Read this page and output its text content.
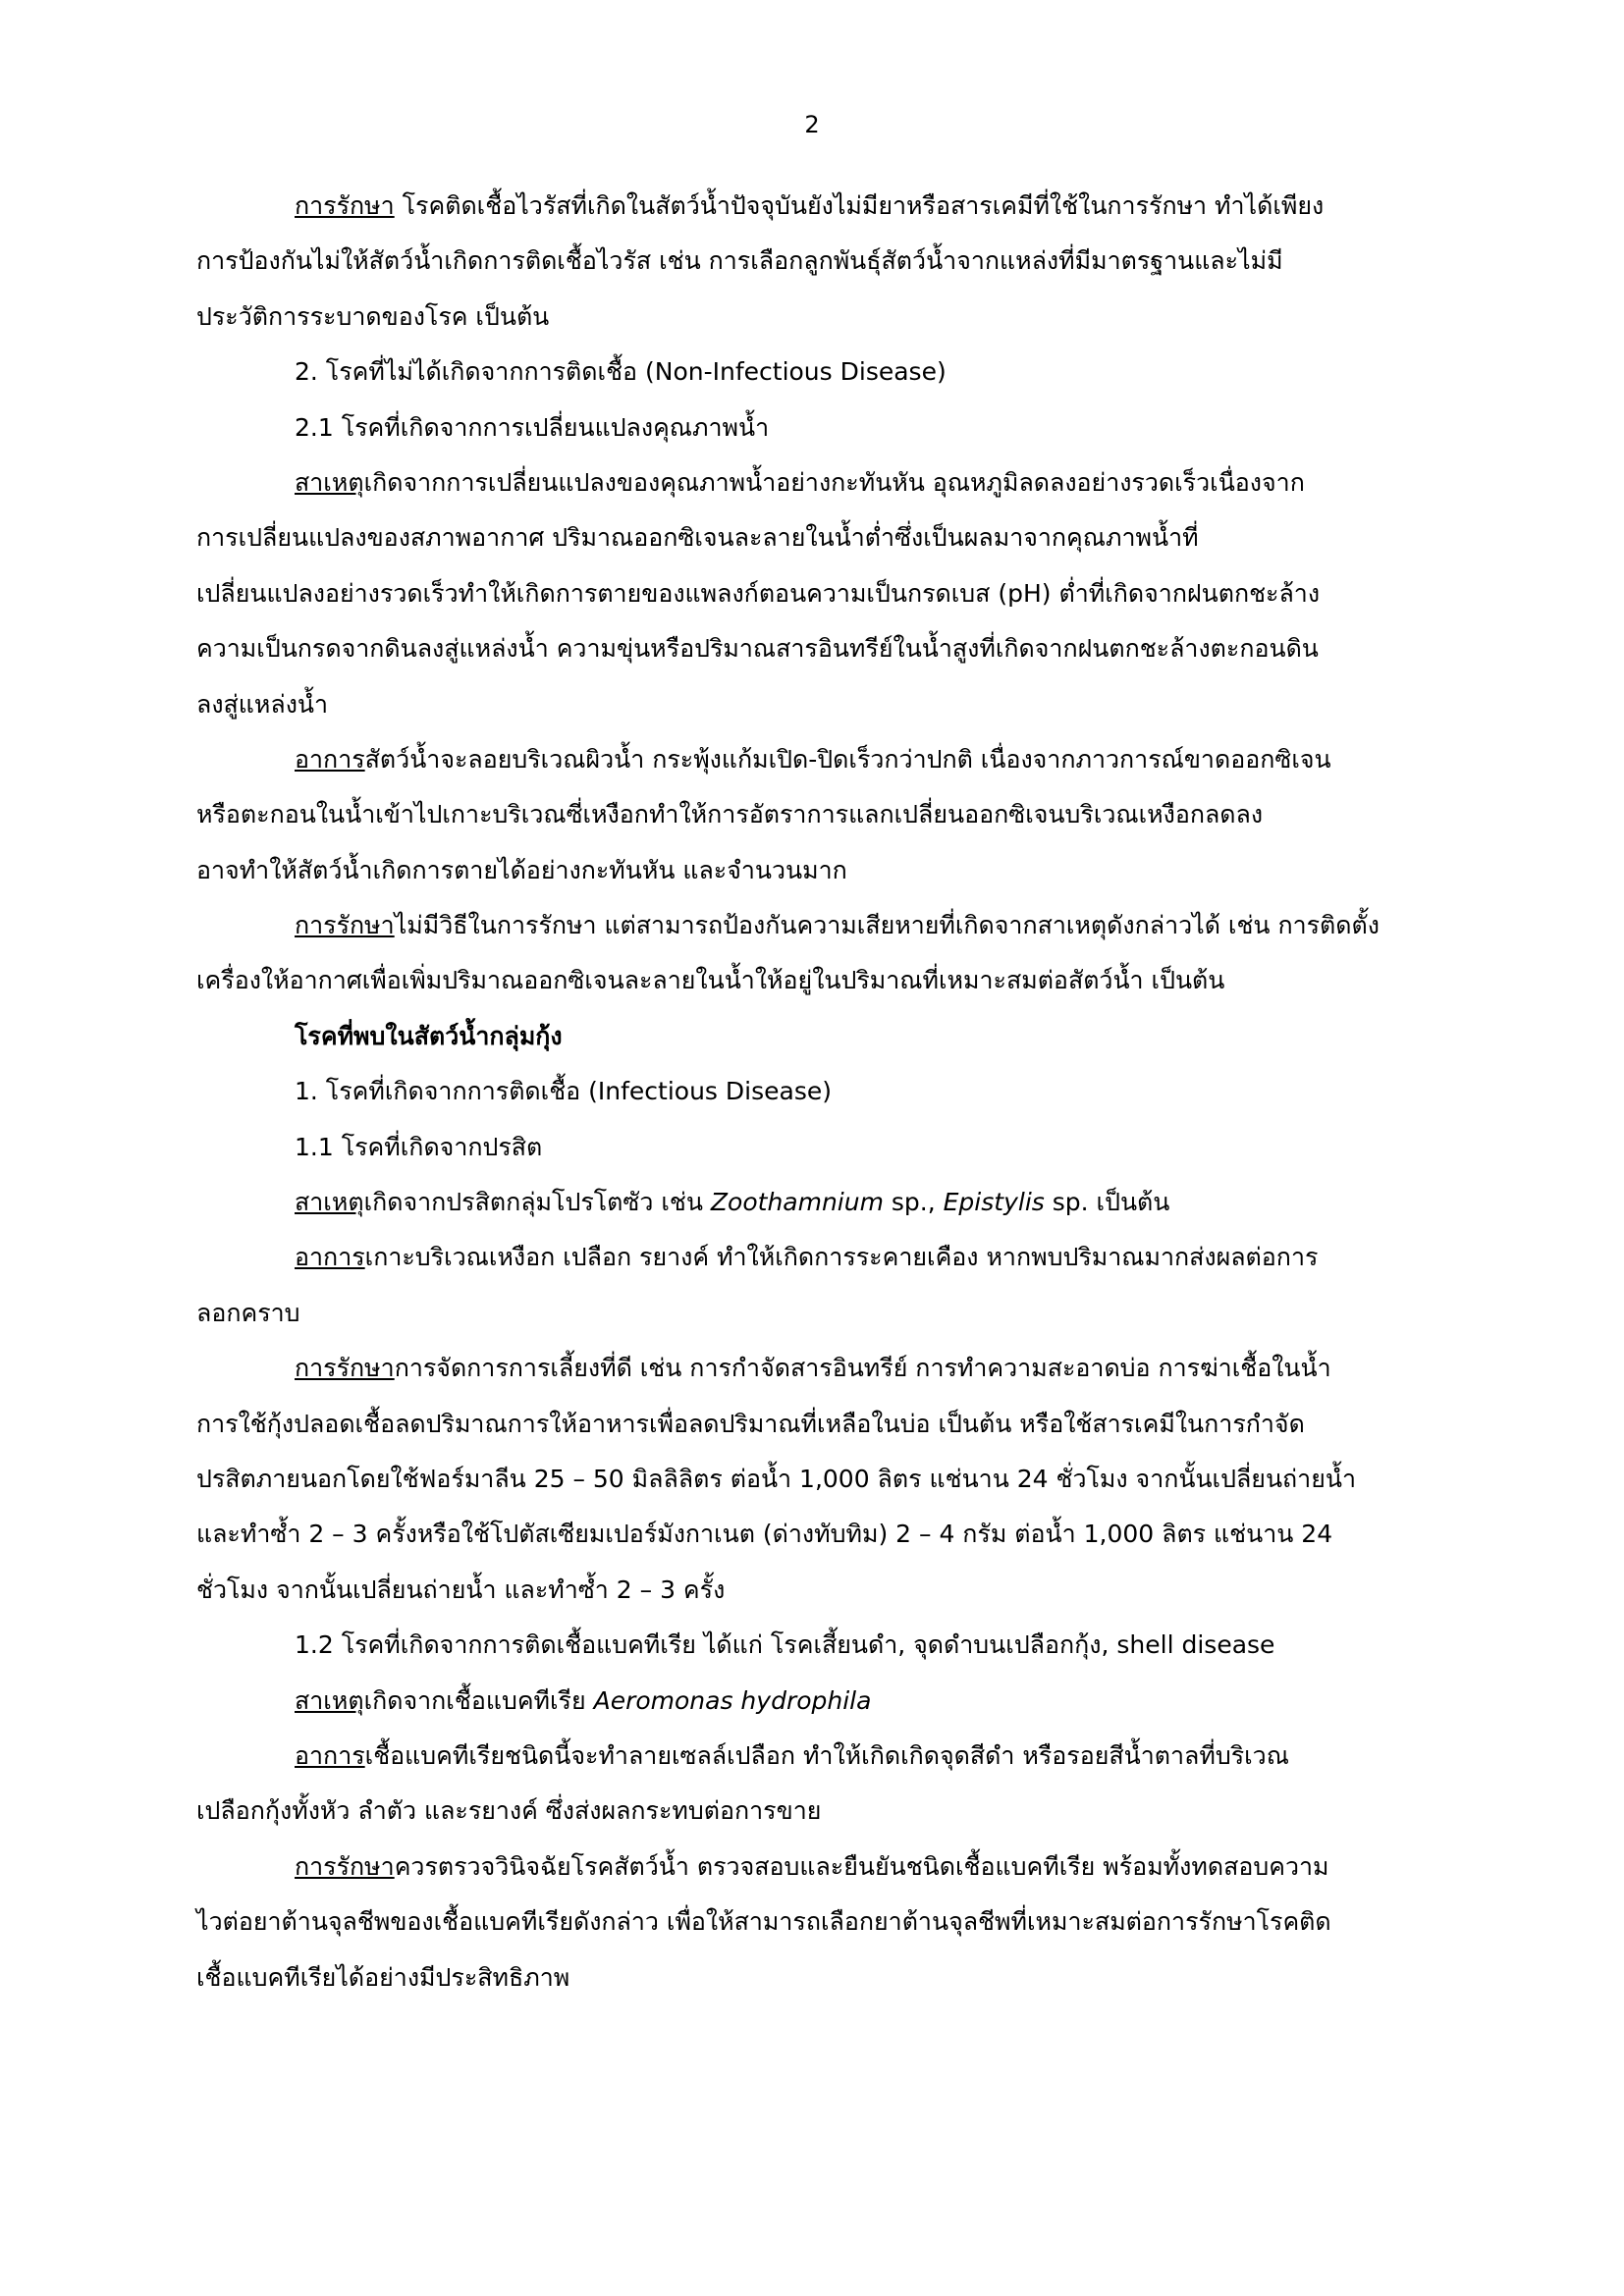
2
การรักษา โรคติดเชื้อไวรัสที่เกิดในสัตว์น้ำปัจจุบันยังไม่มียาหรือสารเคมีที่ใช้ในการรักษา ทำได้เพียง
การป้องกันไม่ให้สัตว์น้ำเกิดการติดเชื้อไวรัส เช่น การเลือกลูกพันธุ์สัตว์น้ำจากแหล่งที่มีมาตรฐานและไม่มี
ประวัติการระบาดของโรค เป็นต้น
2. โรคที่ไม่ได้เกิดจากการติดเชื้อ (Non-Infectious Disease)
2.1 โรคที่เกิดจากการเปลี่ยนแปลงคุณภาพน้ำ
สาเหตุเกิดจากการเปลี่ยนแปลงของคุณภาพน้ำอย่างกะทันหัน อุณหภูมิลดลงอย่างรวดเร็วเนื่องจาก
การเปลี่ยนแปลงของสภาพอากาศ ปริมาณออกซิเจนละลายในน้ำต่ำซึ่งเป็นผลมาจากคุณภาพน้ำที่
เปลี่ยนแปลงอย่างรวดเร็วทำให้เกิดการตายของแพลงก์ตอนความเป็นกรดเบส (pH) ต่ำที่เกิดจากฝนตกชะล้าง
ความเป็นกรดจากดินลงสู่แหล่งน้ำ ความขุ่นหรือปริมาณสารอินทรีย์ในน้ำสูงที่เกิดจากฝนตกชะล้างตะกอนดิน
ลงสู่แหล่งน้ำ
อาการสัตว์น้ำจะลอยบริเวณผิวน้ำ กระพุ้งแก้มเปิด-ปิดเร็วกว่าปกติ เนื่องจากภาวการณ์ขาดออกซิเจน
หรือตะกอนในน้ำเข้าไปเกาะบริเวณซี่เหงือกทำให้การอัตราการแลกเปลี่ยนออกซิเจนบริเวณเหงือกลดลง
อาจทำให้สัตว์น้ำเกิดการตายได้อย่างกะทันหัน และจำนวนมาก
การรักษาไม่มีวิธีในการรักษา แต่สามารถป้องกันความเสียหายที่เกิดจากสาเหตุดังกล่าวได้ เช่น การติดตั้ง
เครื่องให้อากาศเพื่อเพิ่มปริมาณออกซิเจนละลายในน้ำให้อยู่ในปริมาณที่เหมาะสมต่อสัตว์น้ำ เป็นต้น
โรคที่พบในสัตว์น้ำกลุ่มกุ้ง
1. โรคที่เกิดจากการติดเชื้อ (Infectious Disease)
1.1 โรคที่เกิดจากปรสิต
สาเหตุเกิดจากปรสิตกลุ่มโปรโตซัว เช่น Zoothamnium sp., Epistylis sp. เป็นต้น
อาการเกาะบริเวณเหงือก เปลือก รยางค์ ทำให้เกิดการระคายเคือง หากพบปริมาณมากส่งผลต่อการ
ลอกคราบ
การรักษาการจัดการการเลี้ยงที่ดี เช่น การกำจัดสารอินทรีย์ การทำความสะอาดบ่อ การฆ่าเชื้อในน้ำ
การใช้กุ้งปลอดเชื้อลดปริมาณการให้อาหารเพื่อลดปริมาณที่เหลือในบ่อ เป็นต้น หรือใช้สารเคมีในการกำจัด
ปรสิตภายนอกโดยใช้ฟอร์มาลีน 25 – 50 มิลลิลิตร ต่อน้ำ 1,000 ลิตร แช่นาน 24 ชั่วโมง จากนั้นเปลี่ยนถ่ายน้ำ
และทำซ้ำ 2 – 3 ครั้งหรือใช้โปตัสเซียมเปอร์มังกาเนต (ด่างทับทิม) 2 – 4 กรัม ต่อน้ำ 1,000 ลิตร แช่นาน 24
ชั่วโมง จากนั้นเปลี่ยนถ่ายน้ำ และทำซ้ำ 2 – 3 ครั้ง
1.2 โรคที่เกิดจากการติดเชื้อแบคทีเรีย ได้แก่ โรคเสี้ยนดำ, จุดดำบนเปลือกกุ้ง, shell disease
สาเหตุเกิดจากเชื้อแบคทีเรีย Aeromonas hydrophila
อาการเชื้อแบคทีเรียชนิดนี้จะทำลายเซลล์เปลือก ทำให้เกิดเกิดจุดสีดำ หรือรอยสีน้ำตาลที่บริเวณ
เปลือกกุ้งทั้งหัว ลำตัว และรยางค์ ซึ่งส่งผลกระทบต่อการขาย
การรักษาควรตรวจวินิจฉัยโรคสัตว์น้ำ ตรวจสอบและยืนยันชนิดเชื้อแบคทีเรีย พร้อมทั้งทดสอบความ
ไวต่อยาต้านจุลชีพของเชื้อแบคทีเรียดังกล่าว เพื่อให้สามารถเลือกยาต้านจุลชีพที่เหมาะสมต่อการรักษาโรคติด
เชื้อแบคทีเรียได้อย่างมีประสิทธิภาพ
